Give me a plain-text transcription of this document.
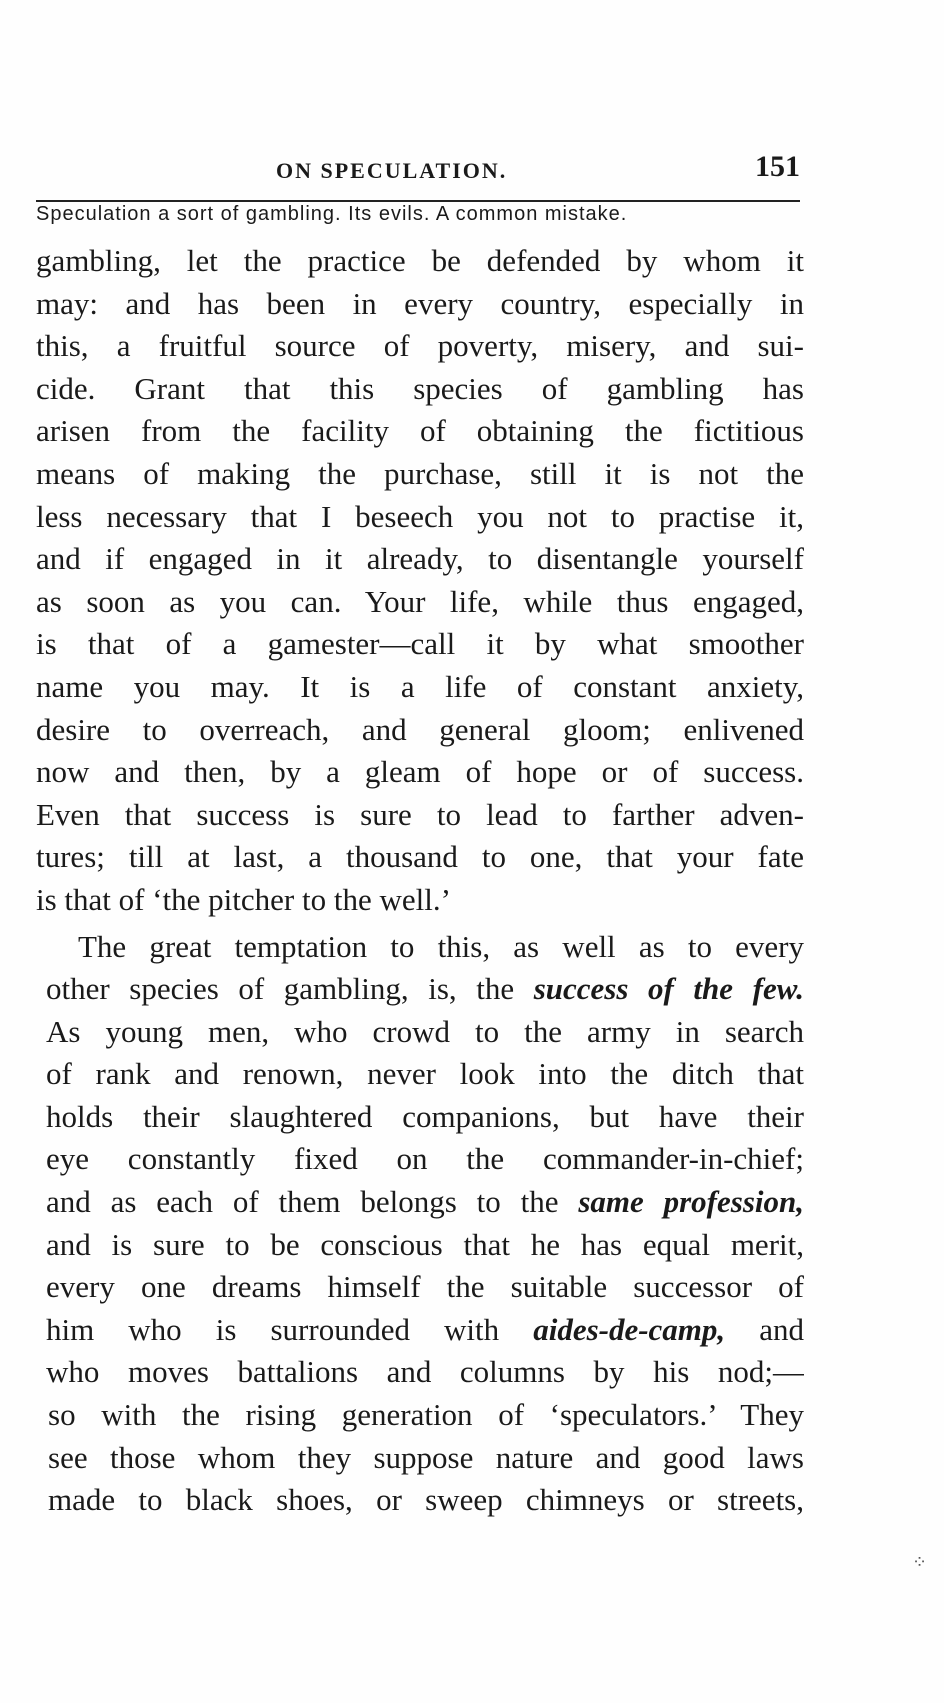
ON SPECULATION.	151
Speculation a sort of gambling. Its evils. A common mistake.
gambling, let the practice be defended by whom it
may: and has been in every country, especially in
this, a fruitful source of poverty, misery, and sui-
cide. Grant that this species of gambling has
arisen from the facility of obtaining the fictitious
means of making the purchase, still it is not the
less necessary that I beseech you not to practise it,
and if engaged in it already, to disentangle yourself
as soon as you can. Your life, while thus engaged,
is that of a gamester—call it by what smoother
name you may. It is a life of constant anxiety,
desire to overreach, and general gloom; enlivened
now and then, by a gleam of hope or of success.
Even that success is sure to lead to farther adven-
tures; till at last, a thousand to one, that your fate
is that of ‘the pitcher to the well.’
The great temptation to this, as well as to every
other species of gambling, is, the success of the few.
As young men, who crowd to the army in search
of rank and renown, never look into the ditch that
holds their slaughtered companions, but have their
eye constantly fixed on the commander-in-chief;
and as each of them belongs to the same profession,
and is sure to be conscious that he has equal merit,
every one dreams himself the suitable successor of
him who is surrounded with aides-de-camp, and
who moves battalions and columns by his nod;—
so with the rising generation of ‘speculators.’ They
see those whom they suppose nature and good laws
made to black shoes, or sweep chimneys or streets,
⁘
